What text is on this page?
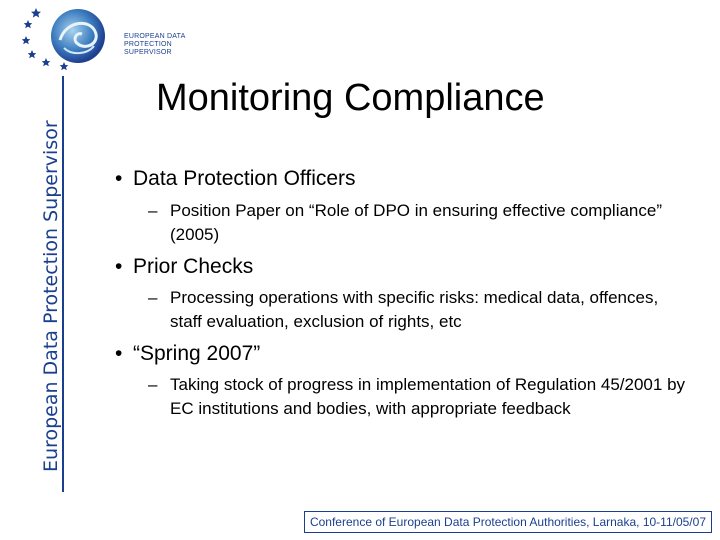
EUROPEAN DATA
PROTECTION SUPERVISOR
European Data Protection Supervisor
Monitoring Compliance
• Data Protection Officers
– Position Paper on “Role of DPO in ensuring effective compliance” (2005)
• Prior Checks
– Processing operations with specific risks: medical data, offences, staff evaluation, exclusion of rights, etc
• “Spring 2007”
– Taking stock of progress in implementation of Regulation 45/2001 by EC institutions and bodies, with appropriate feedback
Conference of European Data Protection Authorities, Larnaka, 10-11/05/07
